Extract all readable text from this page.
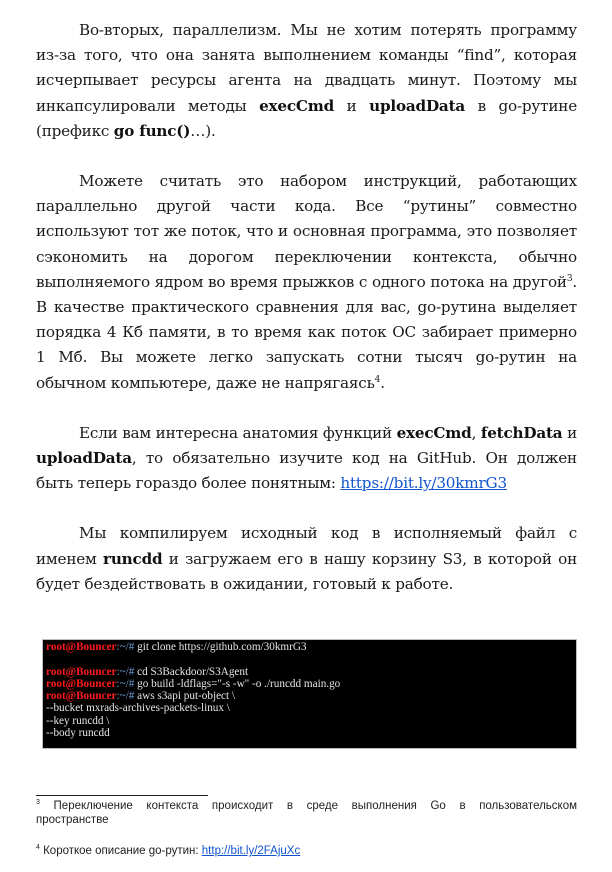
Во-вторых, параллелизм. Мы не хотим потерять программу из-за того, что она занята выполнением команды “find”, которая исчерпывает ресурсы агента на двадцать минут. Поэтому мы инкапсулировали методы execCmd и uploadData в go-рутине (префикс go func()…).

Можете считать это набором инструкций, работающих параллельно другой части кода. Все “рутины” совместно используют тот же поток, что и основная программа, это позволяет сэкономить на дорогом переключении контекста, обычно выполняемого ядром во время прыжков с одного потока на другой$^3$. В качестве практического сравнения для вас, go-рутина выделяет порядка 4 Кб памяти, в то время как поток ОС забирает примерно 1 Мб. Вы можете легко запускать сотни тысяч go-рутин на обычном компьютере, даже не напрягаясь$^4$.

Если вам интересна анатомия функций execCmd, fetchData и uploadData, то обязательно изучите код на GitHub. Он должен быть теперь гораздо более понятным: https://bit.ly/30kmrG3

Мы компилируем исходный код в исполняемый файл с именем runcdd и загружаем его в нашу корзину S3, в которой он будет бездействовать в ожидании, готовый к работе.

root@Bouncer:~/# git clone https://github.com/30kmrG3
root@Bouncer:~/# cd S3Backdoor/S3Agent
root@Bouncer:~/# go build -ldflags="-s -w" -o ./runcdd main.go
root@Bouncer:~/# aws s3api put-object \
--bucket mxrads-archives-packets-linux \
--key runcdd \
--body runcdd

$^3$ Переключение контекста происходит в среде выполнения Go в пользовательском пространстве

$^4$ Короткое описание go-рутин: http://bit.ly/2FAjuXc
